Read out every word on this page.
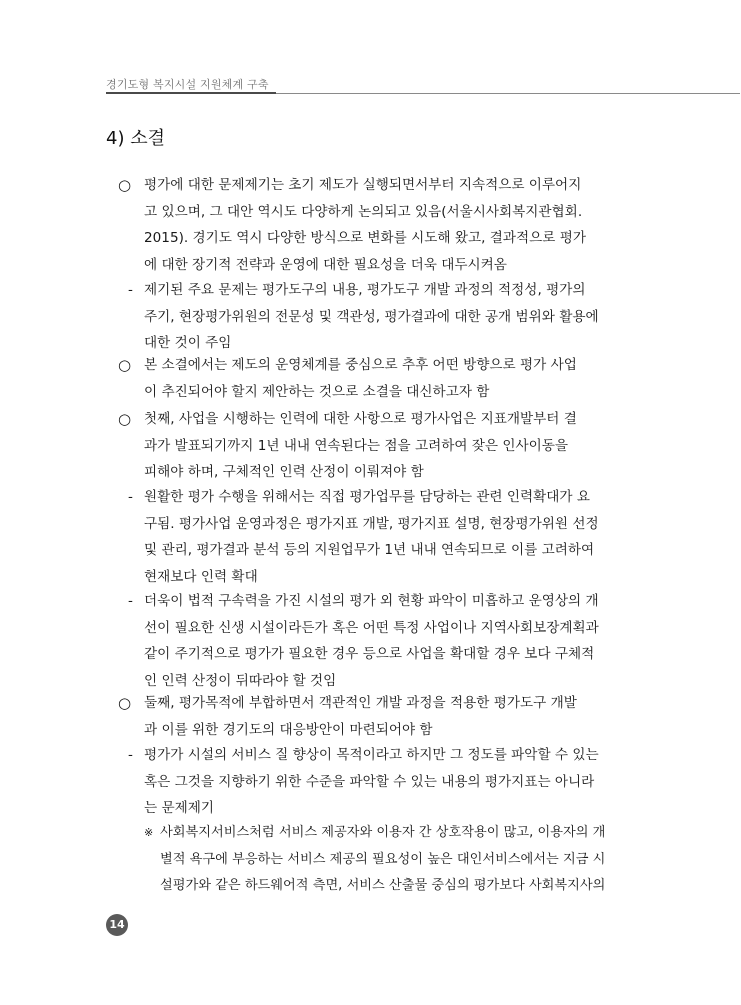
경기도형 복지시설 지원체계 구축
4) 소결
○ 평가에 대한 문제제기는 초기 제도가 실행되면서부터 지속적으로 이루어지
고 있으며, 그 대안 역시도 다양하게 논의되고 있음(서울시사회복지관협회.
2015). 경기도 역시 다양한 방식으로 변화를 시도해 왔고, 결과적으로 평가
에 대한 장기적 전략과 운영에 대한 필요성을 더욱 대두시켜옴
- 제기된 주요 문제는 평가도구의 내용, 평가도구 개발 과정의 적정성, 평가의
주기, 현장평가위원의 전문성 및 객관성, 평가결과에 대한 공개 범위와 활용에
대한 것이 주임
○ 본 소결에서는 제도의 운영체계를 중심으로 추후 어떤 방향으로 평가 사업
이 추진되어야 할지 제안하는 것으로 소결을 대신하고자 함
○ 첫째, 사업을 시행하는 인력에 대한 사항으로 평가사업은 지표개발부터 결
과가 발표되기까지 1년 내내 연속된다는 점을 고려하여 잦은 인사이동을
피해야 하며, 구체적인 인력 산정이 이뤄져야 함
- 원활한 평가 수행을 위해서는 직접 평가업무를 담당하는 관련 인력확대가 요
구됨. 평가사업 운영과정은 평가지표 개발, 평가지표 설명, 현장평가위원 선정
및 관리, 평가결과 분석 등의 지원업무가 1년 내내 연속되므로 이를 고려하여
현재보다 인력 확대
- 더욱이 법적 구속력을 가진 시설의 평가 외 현황 파악이 미흡하고 운영상의 개
선이 필요한 신생 시설이라든가 혹은 어떤 특정 사업이나 지역사회보장계획과
같이 주기적으로 평가가 필요한 경우 등으로 사업을 확대할 경우 보다 구체적
인 인력 산정이 뒤따라야 할 것임
○ 둘째, 평가목적에 부합하면서 객관적인 개발 과정을 적용한 평가도구 개발
과 이를 위한 경기도의 대응방안이 마련되어야 함
- 평가가 시설의 서비스 질 향상이 목적이라고 하지만 그 정도를 파악할 수 있는
혹은 그것을 지향하기 위한 수준을 파악할 수 있는 내용의 평가지표는 아니라
는 문제제기
※ 사회복지서비스처럼 서비스 제공자와 이용자 간 상호작용이 많고, 이용자의 개
별적 욕구에 부응하는 서비스 제공의 필요성이 높은 대인서비스에서는 지금 시
설평가와 같은 하드웨어적 측면, 서비스 산출물 중심의 평가보다 사회복지사의
14
